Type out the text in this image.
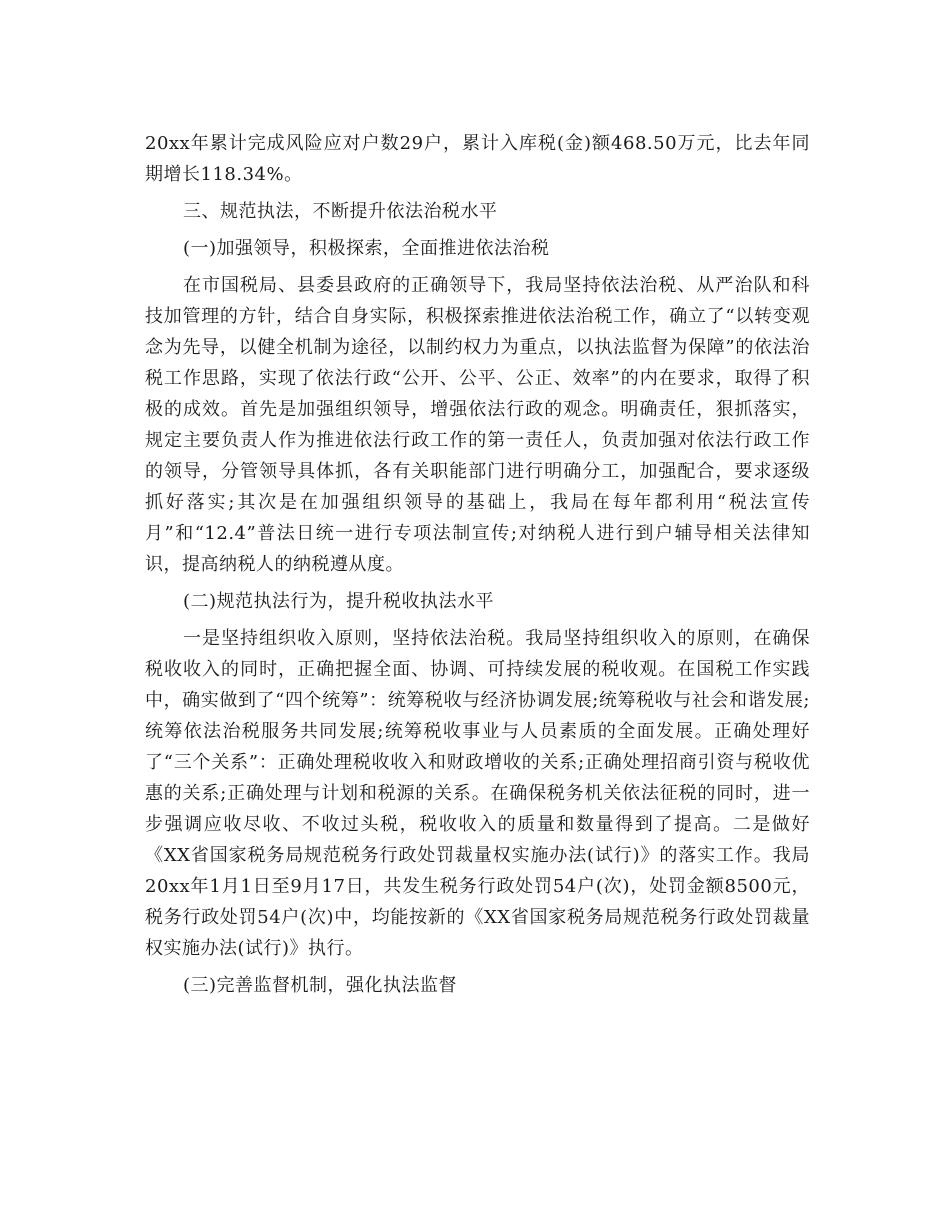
20xx年累计完成风险应对户数29户，累计入库税(金)额468.50万元，比去年同期增长118.34%。

三、规范执法，不断提升依法治税水平

(一)加强领导，积极探索，全面推进依法治税

在市国税局、县委县政府的正确领导下，我局坚持依法治税、从严治队和科技加管理的方针，结合自身实际，积极探索推进依法治税工作，确立了“以转变观念为先导，以健全机制为途径，以制约权力为重点，以执法监督为保障”的依法治税工作思路，实现了依法行政“公开、公平、公正、效率”的内在要求，取得了积极的成效。首先是加强组织领导，增强依法行政的观念。明确责任，狠抓落实，规定主要负责人作为推进依法行政工作的第一责任人，负责加强对依法行政工作的领导，分管领导具体抓，各有关职能部门进行明确分工，加强配合，要求逐级抓好落实;其次是在加强组织领导的基础上，我局在每年都利用“税法宣传月”和“12.4”普法日统一进行专项法制宣传;对纳税人进行到户辅导相关法律知识，提高纳税人的纳税遵从度。

(二)规范执法行为，提升税收执法水平

一是坚持组织收入原则，坚持依法治税。我局坚持组织收入的原则，在确保税收收入的同时，正确把握全面、协调、可持续发展的税收观。在国税工作实践中，确实做到了“四个统筹”：统筹税收与经济协调发展;统筹税收与社会和谐发展;统筹依法治税服务共同发展;统筹税收事业与人员素质的全面发展。正确处理好了“三个关系”：正确处理税收收入和财政增收的关系;正确处理招商引资与税收优惠的关系;正确处理与计划和税源的关系。在确保税务机关依法征税的同时，进一步强调应收尽收、不收过头税，税收收入的质量和数量得到了提高。二是做好《XX省国家税务局规范税务行政处罚裁量权实施办法(试行)》的落实工作。我局20xx年1月1日至9月17日，共发生税务行政处罚54户(次)，处罚金额8500元，税务行政处罚54户(次)中，均能按新的《XX省国家税务局规范税务行政处罚裁量权实施办法(试行)》执行。

(三)完善监督机制，强化执法监督
